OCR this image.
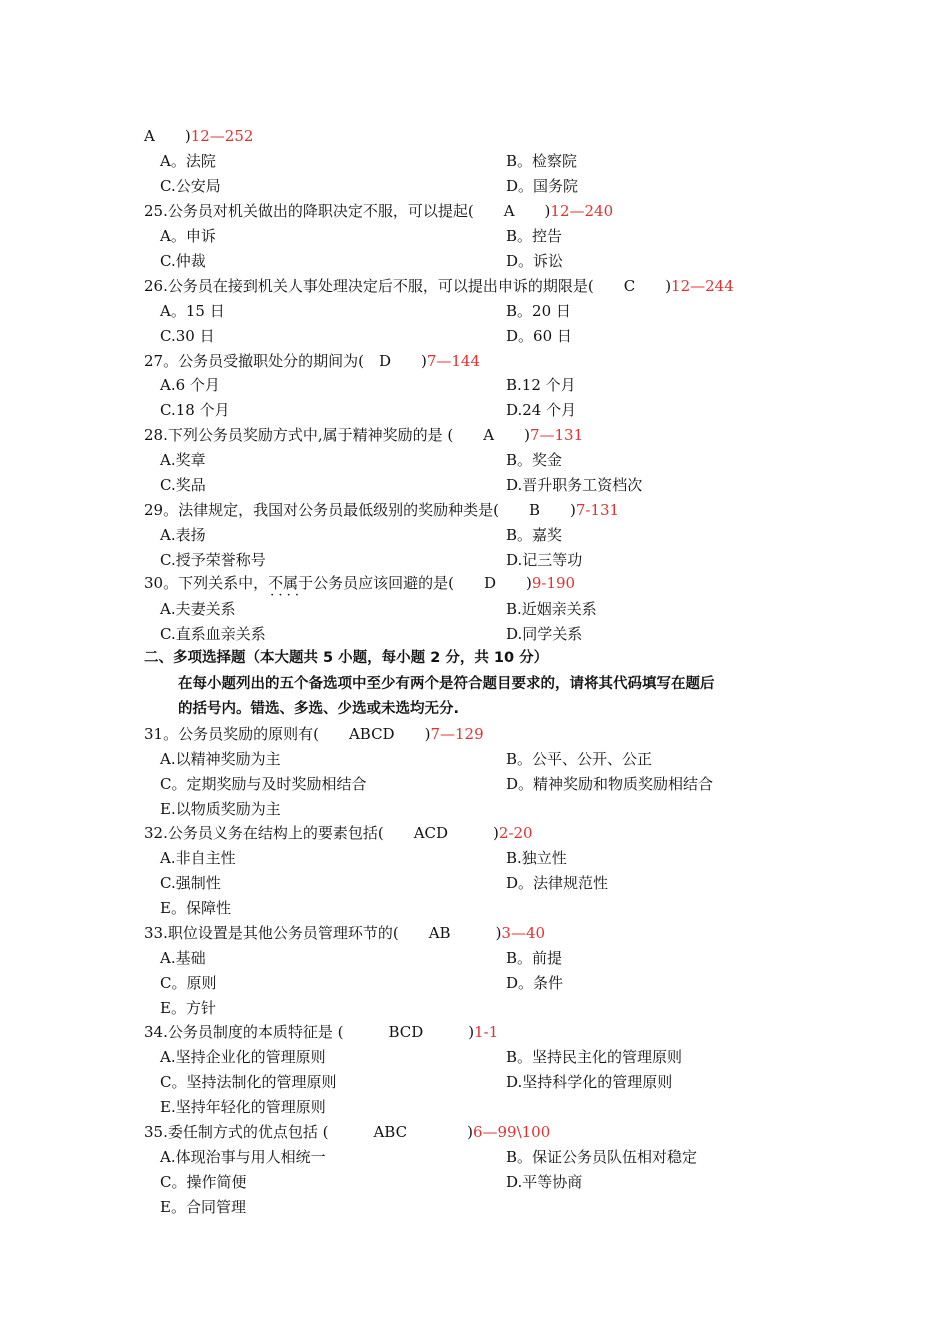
A　　)12—252
A。法院	B。检察院
C.公安局	D。国务院
25.公务员对机关做出的降职决定不服，可以提起(　　A　　)12—240
A。申诉	B。控告
C.仲裁	D。诉讼
26.公务员在接到机关人事处理决定后不服，可以提出申诉的期限是(　　C　　)12—244
A。15 日	B。20 日
C.30 日	D。60 日
27。公务员受撤职处分的期间为(　D　　)7—144
A.6 个月	B.12 个月
C.18 个月	D.24 个月
28.下列公务员奖励方式中,属于精神奖励的是 (　　A　　)7—131
A.奖章	B。奖金
C.奖品	D.晋升职务工资档次
29。法律规定，我国对公务员最低级别的奖励种类是(　　B　　)7-131
A.表扬	B。嘉奖
C.授予荣誉称号	D.记三等功
30。下列关系中，不属于 · · · ·公务员应该回避的是(　　D　　)9-190
A.夫妻关系	B.近姻亲关系
C.直系血亲关系	D.同学关系
二、多项选择题（本大题共 5 小题，每小题 2 分，共 10 分）
在每小题列出的五个备选项中至少有两个是符合题目要求的，请将其代码填写在题后
的括号内。错选、多选、少选或未选均无分.
31。公务员奖励的原则有(　　ABCD　　)7—129
A.以精神奖励为主	B。公平、公开、公正
C。定期奖励与及时奖励相结合	D。精神奖励和物质奖励相结合
E.以物质奖励为主
32.公务员义务在结构上的要素包括(　　ACD　　　)2-20
A.非自主性	B.独立性
C.强制性	D。法律规范性
E。保障性
33.职位设置是其他公务员管理环节的(　　AB　　　)3—40
A.基础	B。前提
C。原则	D。条件
E。方针
34.公务员制度的本质特征是 (　　　BCD　　　)1-1
A.坚持企业化的管理原则	B。坚持民主化的管理原则
C。坚持法制化的管理原则	D.坚持科学化的管理原则
E.坚持年轻化的管理原则
35.委任制方式的优点包括 (　　　ABC　　　　)6—99\100
A.体现治事与用人相统一	B。保证公务员队伍相对稳定
C。操作简便	D.平等协商
E。合同管理
